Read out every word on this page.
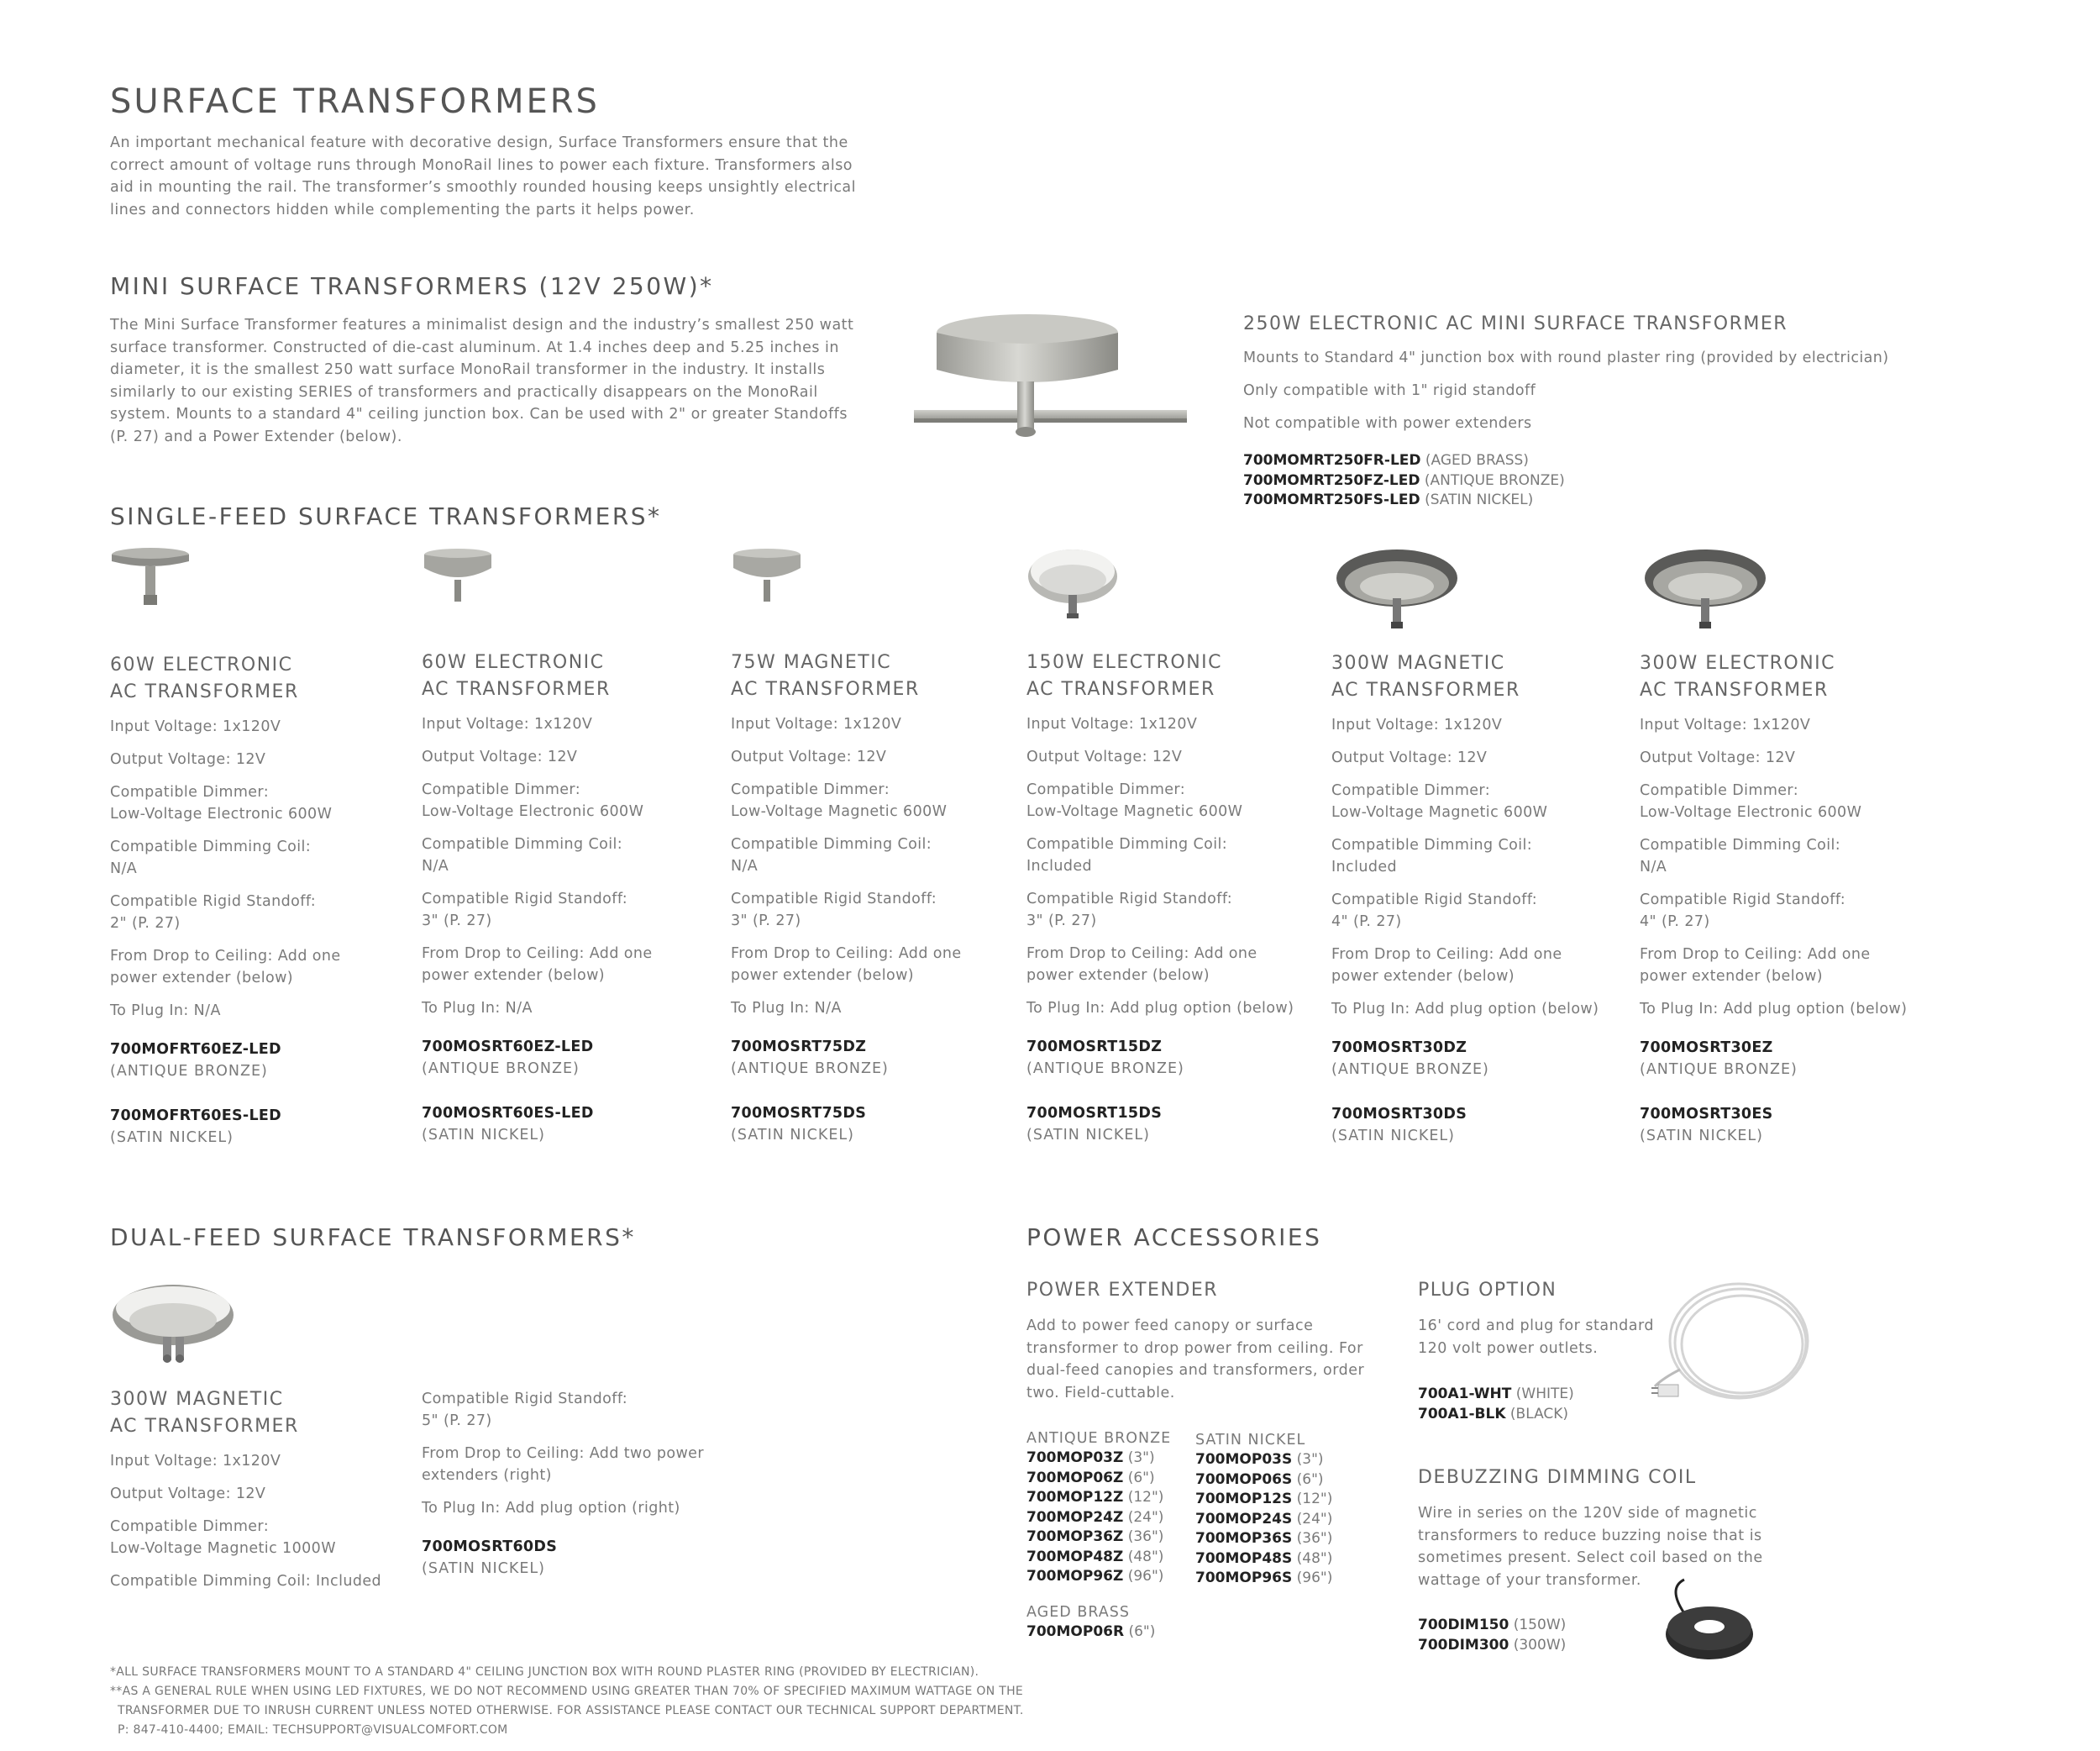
SURFACE TRANSFORMERS
An important mechanical feature with decorative design, Surface Transformers ensure that the correct amount of voltage runs through MonoRail lines to power each fixture. Transformers also aid in mounting the rail. The transformer’s smoothly rounded housing keeps unsightly electrical lines and connectors hidden while complementing the parts it helps power.
MINI SURFACE TRANSFORMERS (12V 250W)*
The Mini Surface Transformer features a minimalist design and the industry’s smallest 250 watt surface transformer. Constructed of die-cast aluminum. At 1.4 inches deep and 5.25 inches in diameter, it is the smallest 250 watt surface MonoRail transformer in the industry. It installs similarly to our existing SERIES of transformers and practically disappears on the MonoRail system. Mounts to a standard 4" ceiling junction box. Can be used with 2" or greater Standoffs (P. 27) and a Power Extender (below).
250W ELECTRONIC AC MINI SURFACE TRANSFORMER
Mounts to Standard 4" junction box with round plaster ring (provided by electrician)
Only compatible with 1" rigid standoff
Not compatible with power extenders
700MOMRT250FR-LED (AGED BRASS)
700MOMRT250FZ-LED (ANTIQUE BRONZE)
700MOMRT250FS-LED (SATIN NICKEL)
SINGLE-FEED SURFACE TRANSFORMERS*
60W ELECTRONIC
AC TRANSFORMER
Input Voltage: 1x120V
Output Voltage: 12V
Compatible Dimmer:
Low-Voltage Electronic 600W
Compatible Dimming Coil:
N/A
Compatible Rigid Standoff:
2" (P. 27)
From Drop to Ceiling: Add one
power extender (below)
To Plug In: N/A
700MOFRT60EZ-LED
(ANTIQUE BRONZE)
700MOFRT60ES-LED
(SATIN NICKEL)
60W ELECTRONIC
AC TRANSFORMER
Input Voltage: 1x120V
Output Voltage: 12V
Compatible Dimmer:
Low-Voltage Electronic 600W
Compatible Dimming Coil:
N/A
Compatible Rigid Standoff:
3" (P. 27)
From Drop to Ceiling: Add one
power extender (below)
To Plug In: N/A
700MOSRT60EZ-LED
(ANTIQUE BRONZE)
700MOSRT60ES-LED
(SATIN NICKEL)
75W MAGNETIC
AC TRANSFORMER
Input Voltage: 1x120V
Output Voltage: 12V
Compatible Dimmer:
Low-Voltage Magnetic 600W
Compatible Dimming Coil:
N/A
Compatible Rigid Standoff:
3" (P. 27)
From Drop to Ceiling: Add one
power extender (below)
To Plug In: N/A
700MOSRT75DZ
(ANTIQUE BRONZE)
700MOSRT75DS
(SATIN NICKEL)
150W ELECTRONIC
AC TRANSFORMER
Input Voltage: 1x120V
Output Voltage: 12V
Compatible Dimmer:
Low-Voltage Magnetic 600W
Compatible Dimming Coil:
Included
Compatible Rigid Standoff:
3" (P. 27)
From Drop to Ceiling: Add one
power extender (below)
To Plug In: Add plug option (below)
700MOSRT15DZ
(ANTIQUE BRONZE)
700MOSRT15DS
(SATIN NICKEL)
300W MAGNETIC
AC TRANSFORMER
Input Voltage: 1x120V
Output Voltage: 12V
Compatible Dimmer:
Low-Voltage Magnetic 600W
Compatible Dimming Coil:
Included
Compatible Rigid Standoff:
4" (P. 27)
From Drop to Ceiling: Add one
power extender (below)
To Plug In: Add plug option (below)
700MOSRT30DZ
(ANTIQUE BRONZE)
700MOSRT30DS
(SATIN NICKEL)
300W ELECTRONIC
AC TRANSFORMER
Input Voltage: 1x120V
Output Voltage: 12V
Compatible Dimmer:
Low-Voltage Electronic 600W
Compatible Dimming Coil:
N/A
Compatible Rigid Standoff:
4" (P. 27)
From Drop to Ceiling: Add one
power extender (below)
To Plug In: Add plug option (below)
700MOSRT30EZ
(ANTIQUE BRONZE)
700MOSRT30ES
(SATIN NICKEL)
DUAL-FEED SURFACE TRANSFORMERS*
300W MAGNETIC
AC TRANSFORMER
Input Voltage: 1x120V
Output Voltage: 12V
Compatible Dimmer:
Low-Voltage Magnetic 1000W
Compatible Dimming Coil: Included
Compatible Rigid Standoff:
5" (P. 27)
From Drop to Ceiling: Add two power
extenders (right)
To Plug In: Add plug option (right)
700MOSRT60DS
(SATIN NICKEL)
POWER ACCESSORIES
POWER EXTENDER
Add to power feed canopy or surface transformer to drop power from ceiling. For dual-feed canopies and transformers, order two. Field-cuttable.
ANTIQUE BRONZE
700MOP03Z (3")
700MOP06Z (6")
700MOP12Z (12")
700MOP24Z (24")
700MOP36Z (36")
700MOP48Z (48")
700MOP96Z (96")
SATIN NICKEL
700MOP03S (3")
700MOP06S (6")
700MOP12S (12")
700MOP24S (24")
700MOP36S (36")
700MOP48S (48")
700MOP96S (96")
AGED BRASS
700MOP06R (6")
PLUG OPTION
16' cord and plug for standard 120 volt power outlets.
700A1-WHT (WHITE)
700A1-BLK (BLACK)
DEBUZZING DIMMING COIL
Wire in series on the 120V side of magnetic transformers to reduce buzzing noise that is sometimes present. Select coil based on the wattage of your transformer.
700DIM150 (150W)
700DIM300 (300W)
*ALL SURFACE TRANSFORMERS MOUNT TO A STANDARD 4" CEILING JUNCTION BOX WITH ROUND PLASTER RING (PROVIDED BY ELECTRICIAN).
**AS A GENERAL RULE WHEN USING LED FIXTURES, WE DO NOT RECOMMEND USING GREATER THAN 70% OF SPECIFIED MAXIMUM WATTAGE ON THE
TRANSFORMER DUE TO INRUSH CURRENT UNLESS NOTED OTHERWISE. FOR ASSISTANCE PLEASE CONTACT OUR TECHNICAL SUPPORT DEPARTMENT.
P: 847-410-4400; EMAIL: TECHSUPPORT@VISUALCOMFORT.COM
